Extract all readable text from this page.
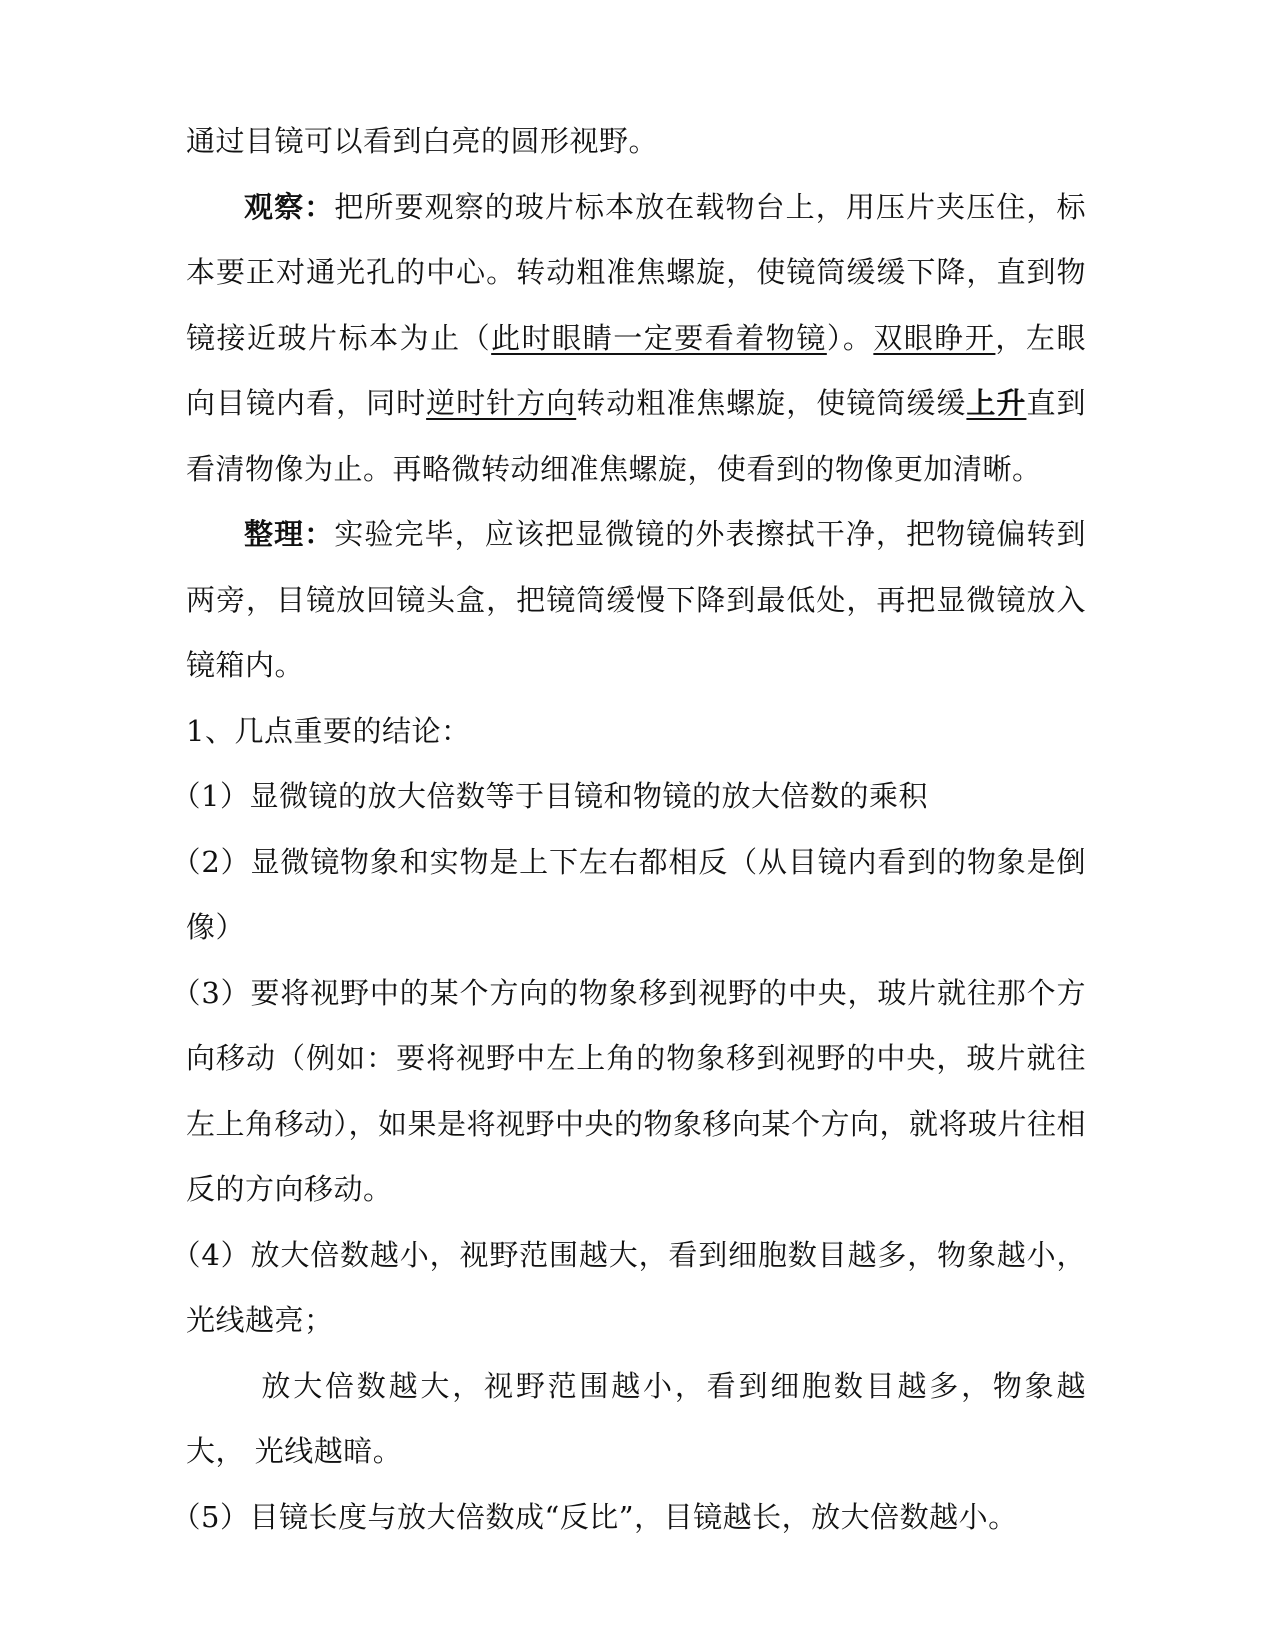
通过目镜可以看到白亮的圆形视野。

观察：把所要观察的玻片标本放在载物台上，用压片夹压住，标本要正对通光孔的中心。转动粗准焦螺旋，使镜筒缓缓下降，直到物镜接近玻片标本为止（此时眼睛一定要看着物镜）。双眼睁开，左眼向目镜内看，同时逆时针方向转动粗准焦螺旋，使镜筒缓缓上升直到看清物像为止。再略微转动细准焦螺旋，使看到的物像更加清晰。

整理：实验完毕，应该把显微镜的外表擦拭干净，把物镜偏转到两旁，目镜放回镜头盒，把镜筒缓慢下降到最低处，再把显微镜放入镜箱内。

1、几点重要的结论：

（1）显微镜的放大倍数等于目镜和物镜的放大倍数的乘积

（2）显微镜物象和实物是上下左右都相反（从目镜内看到的物象是倒像）

（3）要将视野中的某个方向的物象移到视野的中央，玻片就往那个方向移动（例如：要将视野中左上角的物象移到视野的中央，玻片就往左上角移动），如果是将视野中央的物象移向某个方向，就将玻片往相反的方向移动。

（4）放大倍数越小，视野范围越大，看到细胞数目越多，物象越小， 光线越亮；

放大倍数越大，视野范围越小，看到细胞数目越多，物象越大， 光线越暗。

（5）目镜长度与放大倍数成“反比”，目镜越长，放大倍数越小。
